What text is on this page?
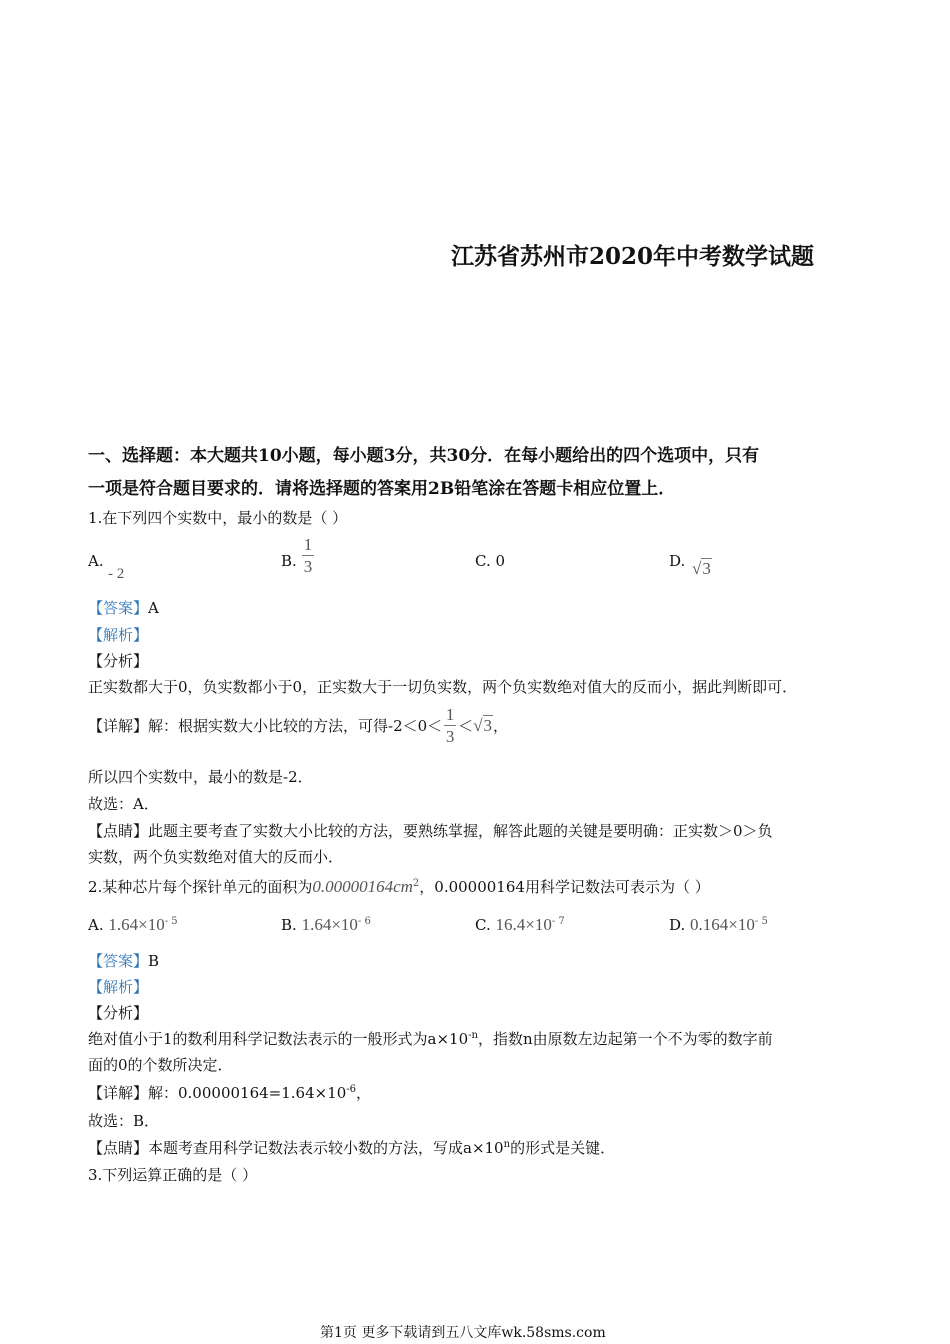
江苏省苏州市2020年中考数学试题
一、选择题：本大题共10小题，每小题3分，共30分．在每小题给出的四个选项中，只有
一项是符合题目要求的．请将选择题的答案用2B铅笔涂在答题卡相应位置上．
1.在下列四个实数中，最小的数是（ ）
A.
- 2
B. $\frac{1}{3}$	C. 0	D. √3
【答案】A
【解析】
【分析】
正实数都大于0，负实数都小于0，正实数大于一切负实数，两个负实数绝对值大的反而小，据此判断即可．
【详解】解：根据实数大小比较的方法，可得$-2<0< \frac{1}{3} < √3$ ，
所以四个实数中，最小的数是-2．
故选：A．
【点睛】此题主要考查了实数大小比较的方法，要熟练掌握，解答此题的关键是要明确：正实数＞0＞负
实数，两个负实数绝对值大的反而小．
2.某种芯片每个探针单元的面积为$0.00000164cm^2$，0.00000164用科学记数法可表示为（ ）
A. $1.64\times 10^{- 5}$	B. $1.64\times 10^{- 6}$	C. $16.4\times 10^{- 7}$	D. $0.164\times 10^{- 5}$
【答案】B
【解析】
【分析】
绝对值小于1的数利用科学记数法表示的一般形式为$a\times 10^{-n}$，指数n由原数左边起第一个不为零的数字前
面的0的个数所决定．
【详解】解：$0.00000164=1.64\times 10^{-6}$，
故选：B．
【点睛】本题考查用科学记数法表示较小数的方法，写成$a\times 10^n$的形式是关键．
3.下列运算正确的是（ ）
第1页 更多下载请到五八文库wk.58sms.com
